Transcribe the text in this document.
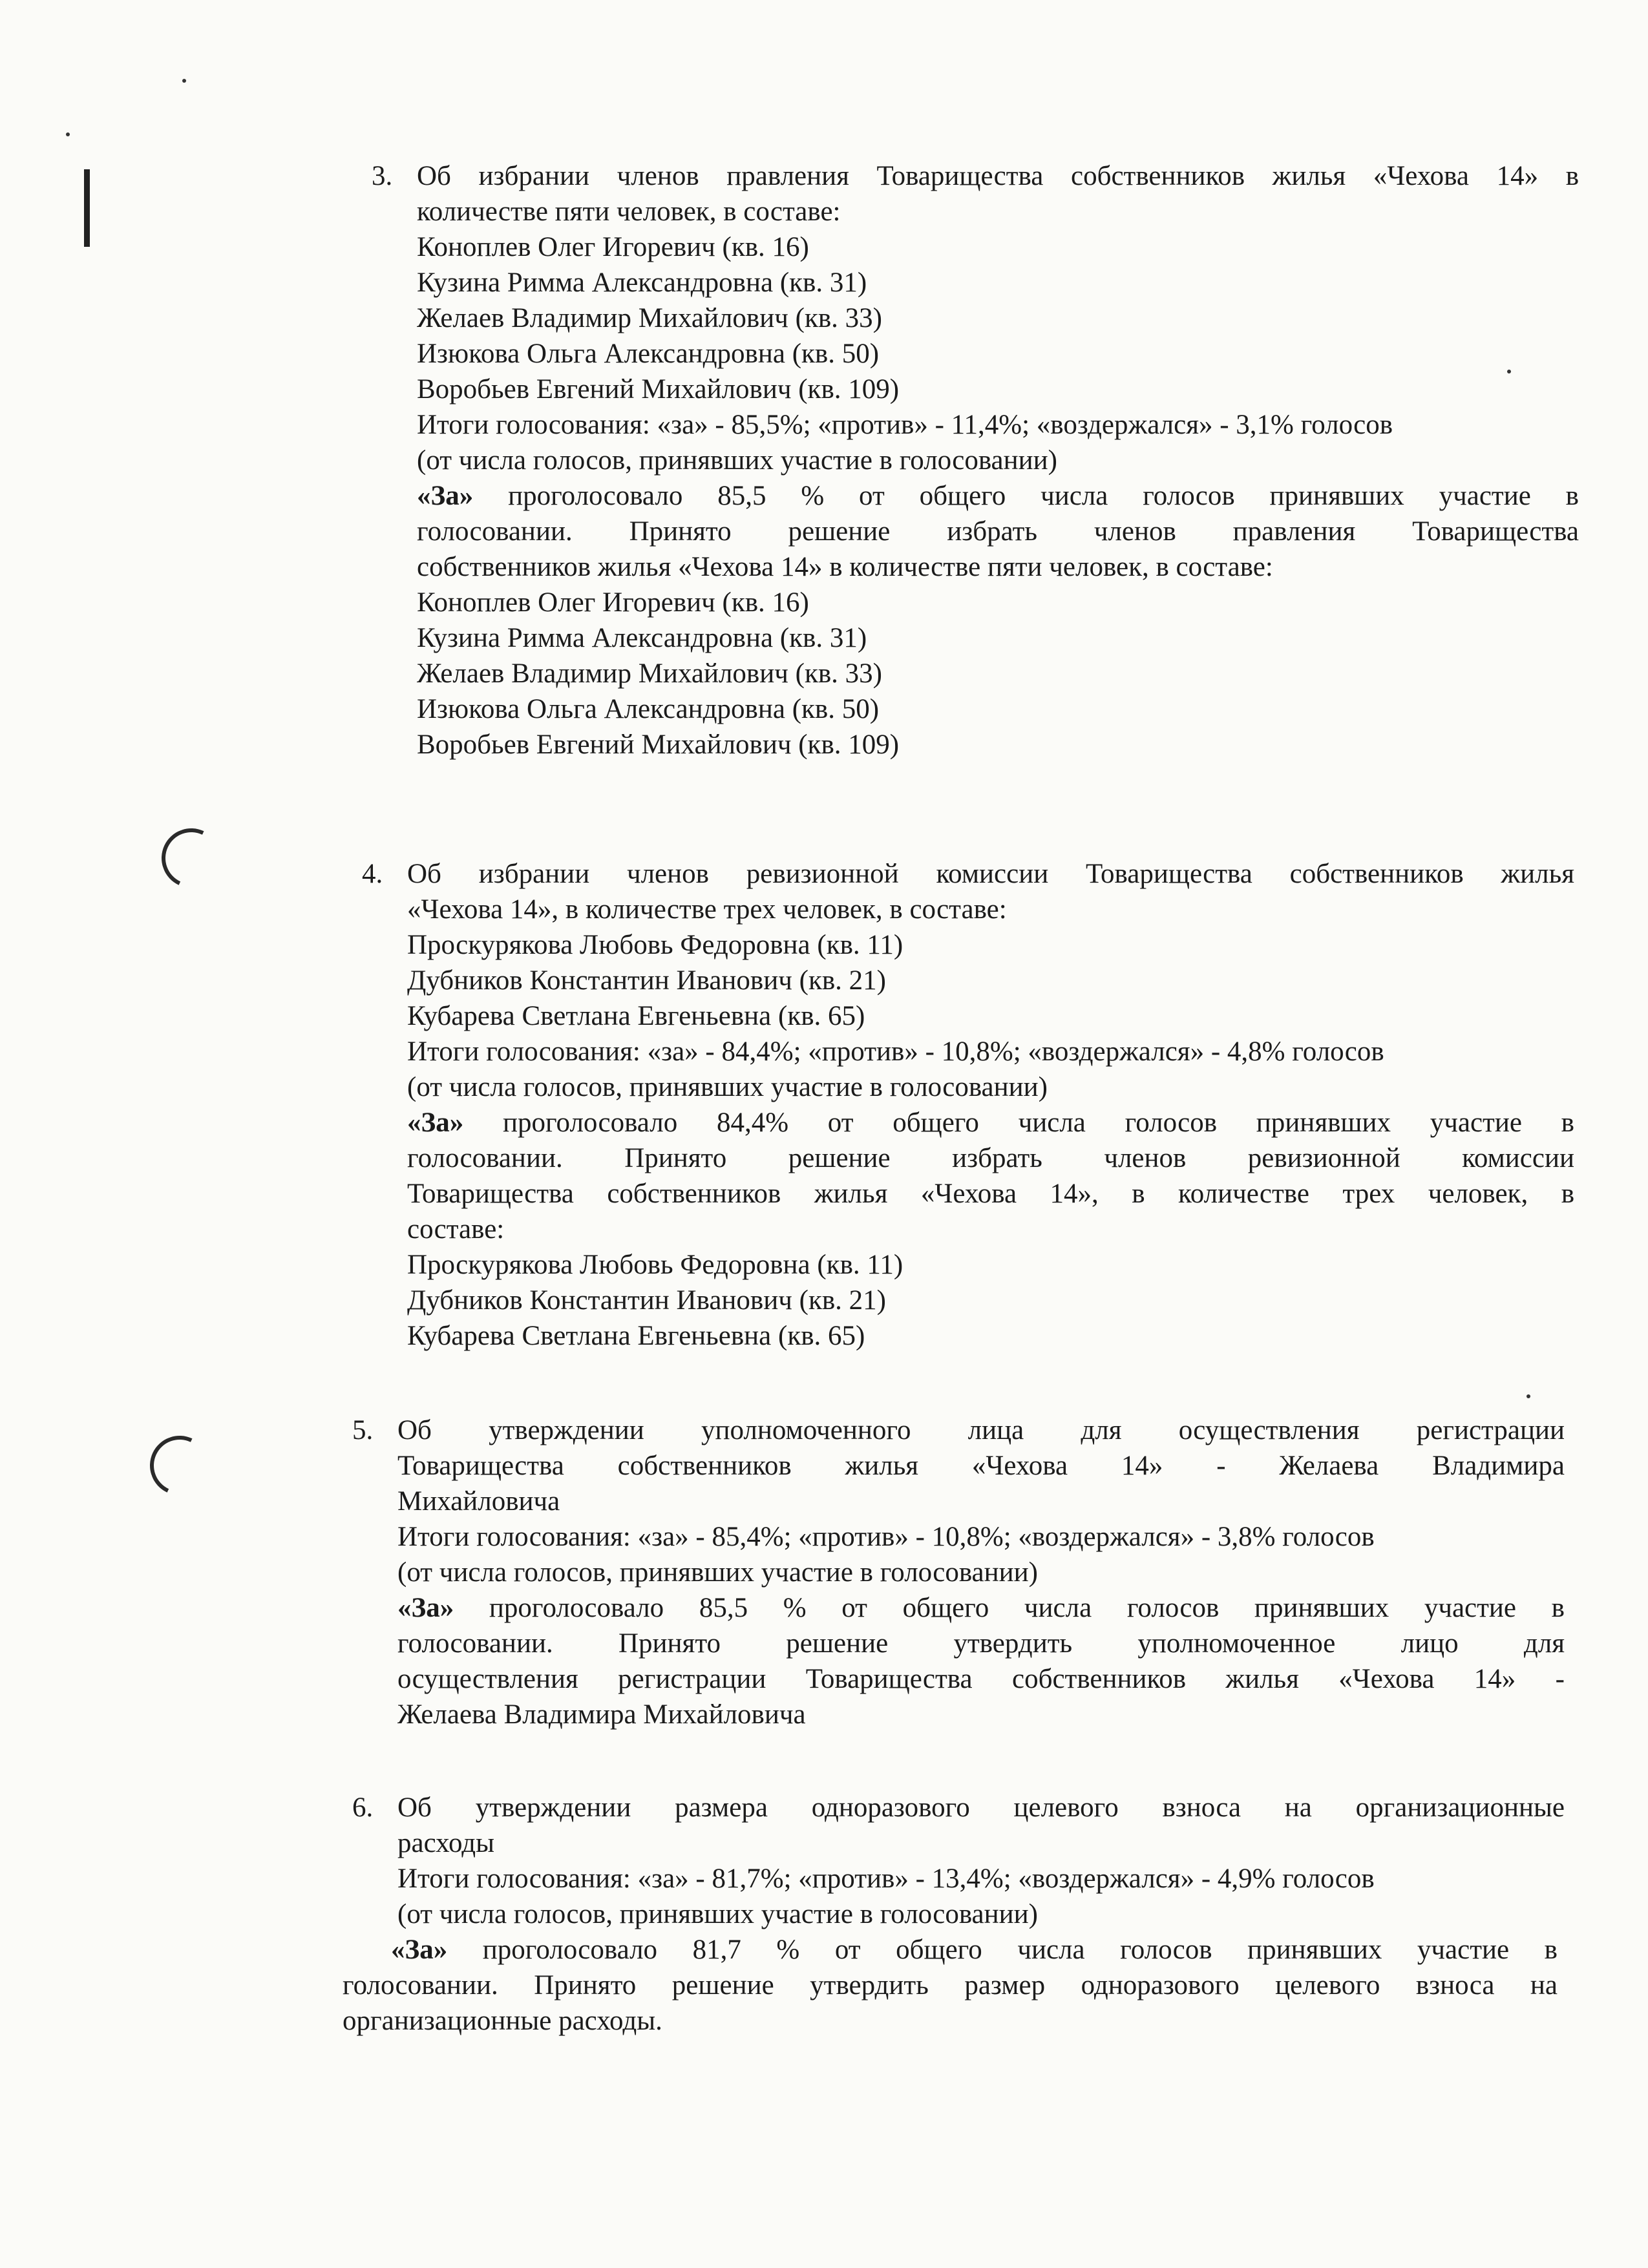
3. Об избрании членов правления Товарищества собственников жилья «Чехова 14» в
количестве пяти человек, в составе:
Коноплев Олег Игоревич (кв. 16)
Кузина Римма Александровна (кв. 31)
Желаев Владимир Михайлович (кв. 33)
Изюкова Ольга Александровна (кв. 50)
Воробьев Евгений Михайлович (кв. 109)
Итоги голосования: «за» - 85,5%; «против» - 11,4%; «воздержался» - 3,1% голосов
(от числа голосов, принявших участие в голосовании)
«За» проголосовало 85,5 % от общего числа голосов принявших участие в
голосовании. Принято решение избрать членов правления Товарищества
собственников жилья «Чехова 14» в количестве пяти человек, в составе:
Коноплев Олег Игоревич (кв. 16)
Кузина Римма Александровна (кв. 31)
Желаев Владимир Михайлович (кв. 33)
Изюкова Ольга Александровна (кв. 50)
Воробьев Евгений Михайлович (кв. 109)
4. Об избрании членов ревизионной комиссии Товарищества собственников жилья
«Чехова 14», в количестве трех человек, в составе:
Проскурякова Любовь Федоровна (кв. 11)
Дубников Константин Иванович (кв. 21)
Кубарева Светлана Евгеньевна (кв. 65)
Итоги голосования: «за» - 84,4%; «против» - 10,8%; «воздержался» - 4,8% голосов
(от числа голосов, принявших участие в голосовании)
«За» проголосовало 84,4% от общего числа голосов принявших участие в
голосовании. Принято решение избрать членов ревизионной комиссии
Товарищества собственников жилья «Чехова 14», в количестве трех человек, в
составе:
Проскурякова Любовь Федоровна (кв. 11)
Дубников Константин Иванович (кв. 21)
Кубарева Светлана Евгеньевна (кв. 65)
5. Об утверждении уполномоченного лица для осуществления регистрации
Товарищества собственников жилья «Чехова 14» - Желаева Владимира
Михайловича
Итоги голосования: «за» - 85,4%; «против» - 10,8%; «воздержался» - 3,8% голосов
(от числа голосов, принявших участие в голосовании)
«За» проголосовало 85,5 % от общего числа голосов принявших участие в
голосовании. Принято решение утвердить уполномоченное лицо для
осуществления регистрации Товарищества собственников жилья «Чехова 14» -
Желаева Владимира Михайловича
6. Об утверждении размера одноразового целевого взноса на организационные
расходы
Итоги голосования: «за» - 81,7%; «против» - 13,4%; «воздержался» - 4,9% голосов
(от числа голосов, принявших участие в голосовании)
«За» проголосовало 81,7 % от общего числа голосов принявших участие в
голосовании. Принято решение утвердить размер одноразового целевого взноса на
организационные расходы.
